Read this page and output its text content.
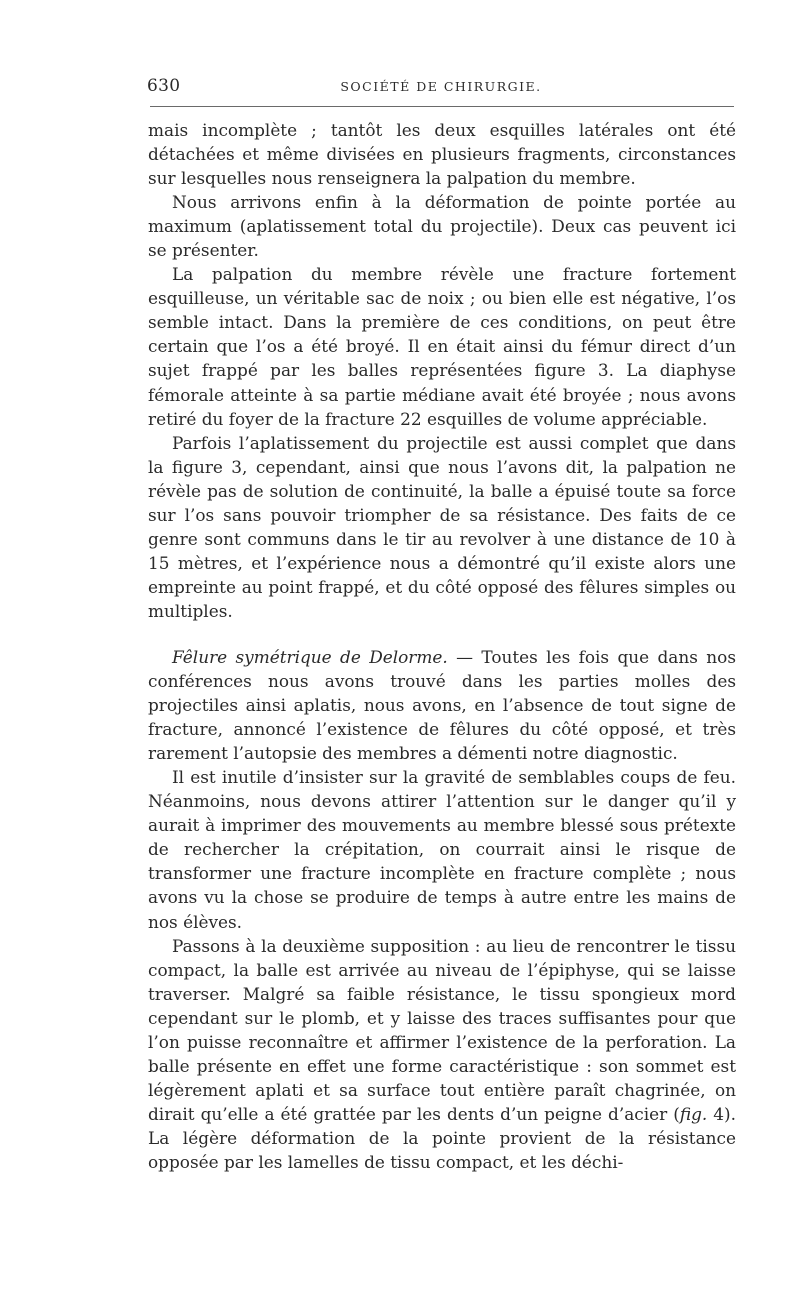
630	SOCIÉTÉ DE CHIRURGIE.

mais incomplète ; tantôt les deux esquilles latérales ont été détachées et même divisées en plusieurs fragments, circonstances sur lesquelles nous renseignera la palpation du membre.

Nous arrivons enfin à la déformation de pointe portée au maximum (aplatissement total du projectile). Deux cas peuvent ici se présenter.

La palpation du membre révèle une fracture fortement esquilleuse, un véritable sac de noix ; ou bien elle est négative, l’os semble intact. Dans la première de ces conditions, on peut être certain que l’os a été broyé. Il en était ainsi du fémur direct d’un sujet frappé par les balles représentées figure 3. La diaphyse fémorale atteinte à sa partie médiane avait été broyée ; nous avons retiré du foyer de la fracture 22 esquilles de volume appréciable.

Parfois l’aplatissement du projectile est aussi complet que dans la figure 3, cependant, ainsi que nous l’avons dit, la palpation ne révèle pas de solution de continuité, la balle a épuisé toute sa force sur l’os sans pouvoir triompher de sa résistance. Des faits de ce genre sont communs dans le tir au revolver à une distance de 10 à 15 mètres, et l’expérience nous a démontré qu’il existe alors une empreinte au point frappé, et du côté opposé des fêlures simples ou multiples.

Fêlure symétrique de Delorme. — Toutes les fois que dans nos conférences nous avons trouvé dans les parties molles des projectiles ainsi aplatis, nous avons, en l’absence de tout signe de fracture, annoncé l’existence de fêlures du côté opposé, et très rarement l’autopsie des membres a démenti notre diagnostic.

Il est inutile d’insister sur la gravité de semblables coups de feu. Néanmoins, nous devons attirer l’attention sur le danger qu’il y aurait à imprimer des mouvements au membre blessé sous prétexte de rechercher la crépitation, on courrait ainsi le risque de transformer une fracture incomplète en fracture complète ; nous avons vu la chose se produire de temps à autre entre les mains de nos élèves.

Passons à la deuxième supposition : au lieu de rencontrer le tissu compact, la balle est arrivée au niveau de l’épiphyse, qui se laisse traverser. Malgré sa faible résistance, le tissu spongieux mord cependant sur le plomb, et y laisse des traces suffisantes pour que l’on puisse reconnaître et affirmer l’existence de la perforation. La balle présente en effet une forme caractéristique : son sommet est légèrement aplati et sa surface tout entière paraît chagrinée, on dirait qu’elle a été grattée par les dents d’un peigne d’acier (fig. 4). La légère déformation de la pointe provient de la résistance opposée par les lamelles de tissu compact, et les déchi-
